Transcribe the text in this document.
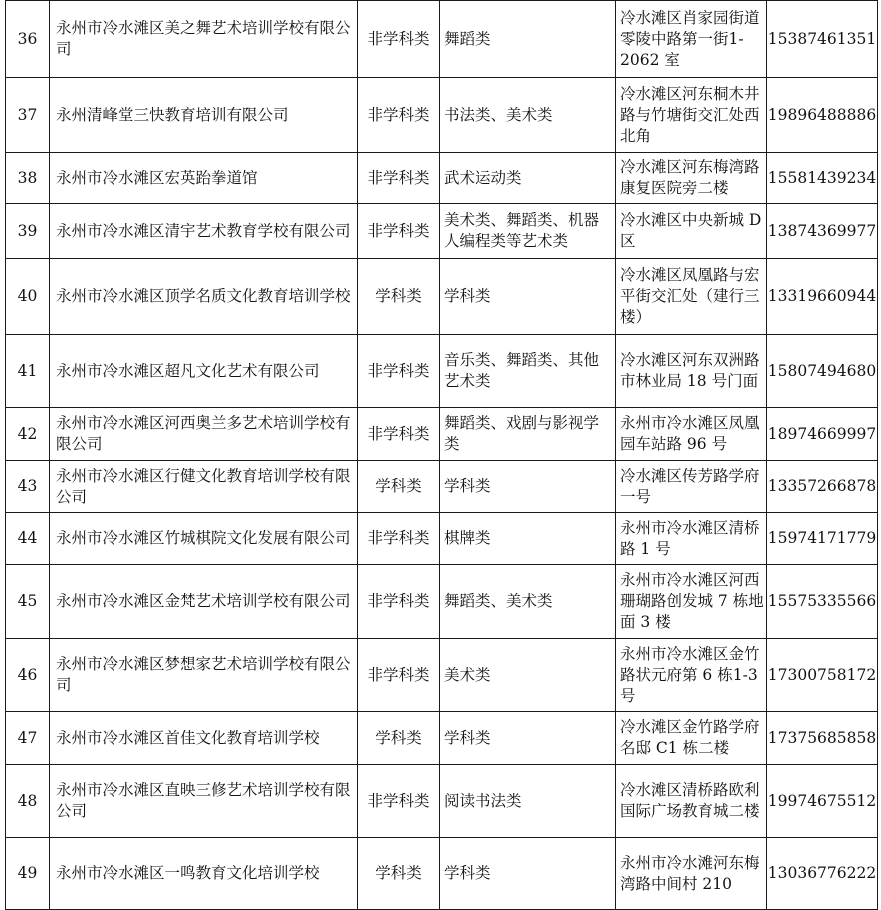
36	永州市冷水滩区美之舞艺术培训学校有限公司	非学科类	舞蹈类	冷水滩区肖家园街道零陵中路第一街1-2062 室	15387461351
37	永州清峰堂三快教育培训有限公司	非学科类	书法类、美术类	冷水滩区河东桐木井路与竹塘街交汇处西北角	19896488886
38	永州市冷水滩区宏英跆拳道馆	非学科类	武术运动类	冷水滩区河东梅湾路康复医院旁二楼	15581439234
39	永州市冷水滩区清宇艺术教育学校有限公司	非学科类	美术类、舞蹈类、机器人编程类等艺术类	冷水滩区中央新城 D 区	13874369977
40	永州市冷水滩区顶学名质文化教育培训学校	学科类	学科类	冷水滩区凤凰路与宏平街交汇处（建行三楼）	13319660944
41	永州市冷水滩区超凡文化艺术有限公司	非学科类	音乐类、舞蹈类、其他艺术类	冷水滩区河东双洲路市林业局 18 号门面	15807494680
42	永州市冷水滩区河西奥兰多艺术培训学校有限公司	非学科类	舞蹈类、戏剧与影视学类	永州市冷水滩区凤凰园车站路 96 号	18974669997
43	永州市冷水滩区行健文化教育培训学校有限公司	学科类	学科类	冷水滩区传芳路学府一号	13357266878
44	永州市冷水滩区竹城棋院文化发展有限公司	非学科类	棋牌类	永州市冷水滩区清桥路 1 号	15974171779
45	永州市冷水滩区金梵艺术培训学校有限公司	非学科类	舞蹈类、美术类	永州市冷水滩区河西珊瑚路创发城 7 栋地面 3 楼	15575335566
46	永州市冷水滩区梦想家艺术培训学校有限公司	非学科类	美术类	永州市冷水滩区金竹路状元府第 6 栋1-3 号	17300758172
47	永州市冷水滩区首佳文化教育培训学校	学科类	学科类	冷水滩区金竹路学府名邸 C1 栋二楼	17375685858
48	永州市冷水滩区直映三修艺术培训学校有限公司	非学科类	阅读书法类	冷水滩区清桥路欧利国际广场教育城二楼	19974675512
49	永州市冷水滩区一鸣教育文化培训学校	学科类	学科类	永州市冷水滩河东梅湾路中间村 210	13036776222
